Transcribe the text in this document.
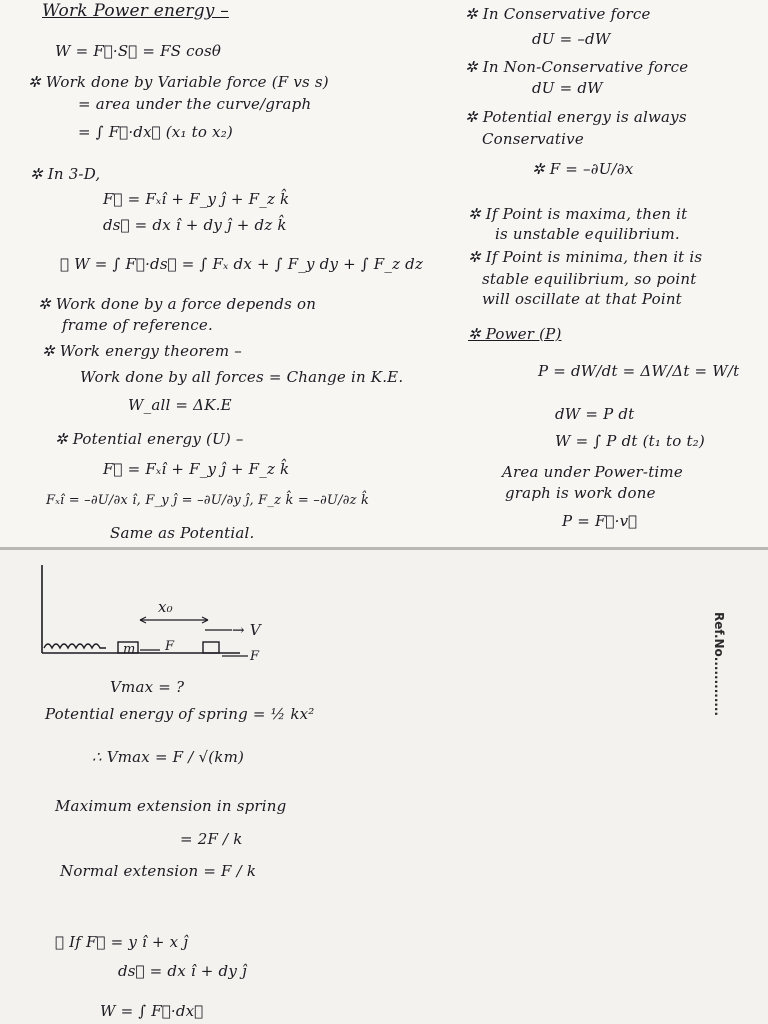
Work Power energy –
W = F⃗·S⃗ = FS cosθ
✲ Work done by Variable force (F vs s)
= area under the curve/graph
= ∫ F⃗·dx⃗ (x₁ to x₂)
✲ In 3-D,
F⃗ = Fₓî + F_y ĵ + F_z k̂
ds⃗ = dx î + dy ĵ + dz k̂
∴ W = ∫ F⃗·ds⃗ = ∫ Fₓ dx + ∫ F_y dy + ∫ F_z dz
✲ Work done by a force depends on
frame of reference.
✲ Work energy theorem –
Work done by all forces = Change in K.E.
W_all = ΔK.E
✲ Potential energy (U) –
F⃗ = Fₓî + F_y ĵ + F_z k̂
Fₓî = –∂U/∂x î, F_y ĵ = –∂U/∂y ĵ, F_z k̂ = –∂U/∂z k̂
Same as Potential.
✲ In Conservative force
dU = –dW
✲ In Non-Conservative force
dU = dW
✲ Potential energy is always
Conservative
✲ F = –∂U/∂x
✲ If Point is maxima, then it
is unstable equilibrium.
✲ If Point is minima, then it is
stable equilibrium, so point
will oscillate at that Point
✲ Power (P)
P = dW/dt = ΔW/Δt = W/t
dW = P dt
W = ∫ P dt (t₁ to t₂)
Area under Power-time
graph is work done
P = F⃗·v⃗
x₀
→ V
m F
F
Vmax = ?
Potential energy of spring = ½ kx²
∴ Vmax = F / √(km)
Maximum extension in spring
= 2F / k
Normal extension = F / k
✲ If F⃗ = y î + x ĵ
ds⃗ = dx î + dy ĵ
W = ∫ F⃗·dx⃗
Ref.No.............
